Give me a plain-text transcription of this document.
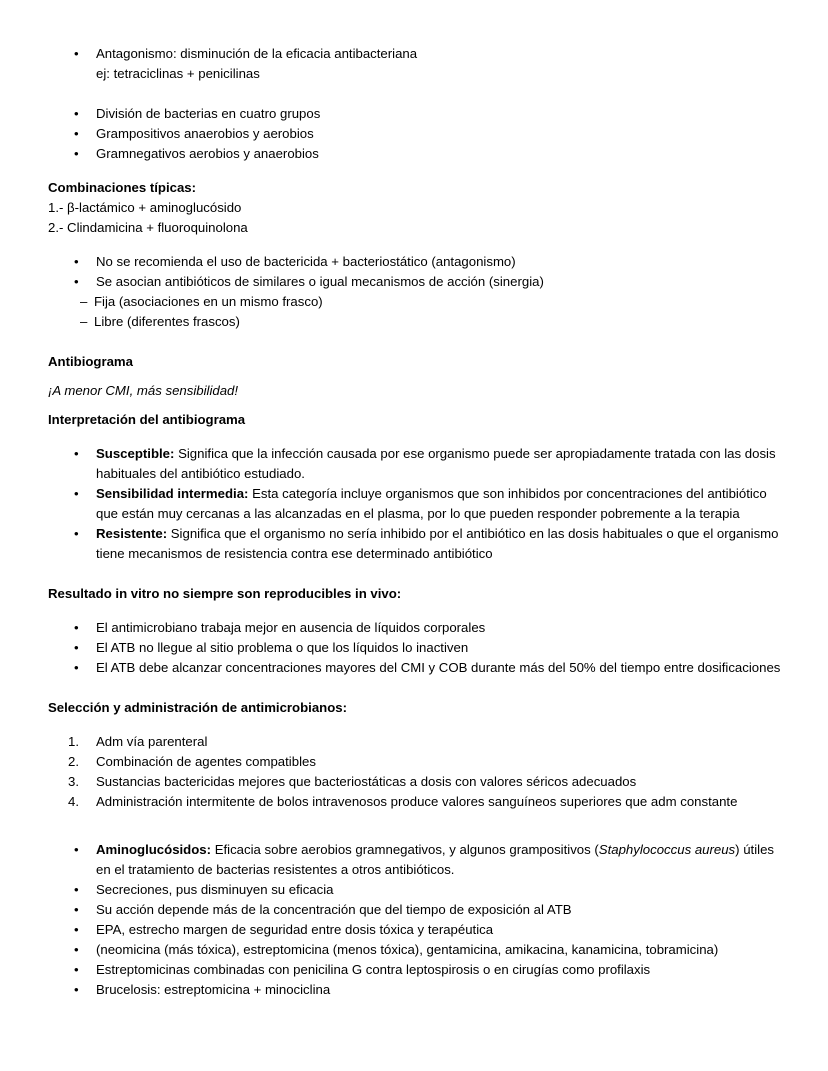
• Antagonismo: disminución de la eficacia antibacteriana
ej: tetraciclinas + penicilinas
• División de bacterias en cuatro grupos
• Grampositivos anaerobios y aerobios
• Gramnegativos aerobios y anaerobios

Combinaciones típicas:

1.- β-lactámico + aminoglucósido

2.- Clindamicina + fluoroquinolona

• No se recomienda el uso de bactericida + bacteriostático (antagonismo)
• Se asocian antibióticos de similares o igual mecanismos de acción (sinergia)
– Fija (asociaciones en un mismo frasco)
– Libre (diferentes frascos)

Antibiograma

¡A menor CMI, más sensibilidad!

Interpretación del antibiograma

• Susceptible: Significa que la infección causada por ese organismo puede ser apropiadamente tratada con las dosis habituales del antibiótico estudiado.
• Sensibilidad intermedia: Esta categoría incluye organismos que son inhibidos por concentraciones del antibiótico que están muy cercanas a las alcanzadas en el plasma, por lo que pueden responder pobremente a la terapia
• Resistente: Significa que el organismo no sería inhibido por el antibiótico en las dosis habituales o que el organismo tiene mecanismos de resistencia contra ese determinado antibiótico

Resultado in vitro no siempre son reproducibles in vivo:

• El antimicrobiano trabaja mejor en ausencia de líquidos corporales
• El ATB no llegue al sitio problema o que los líquidos lo inactiven
• El ATB debe alcanzar concentraciones mayores del CMI y COB durante más del 50% del tiempo entre dosificaciones

Selección y administración de antimicrobianos:

1.	Adm vía parenteral
2.	Combinación de agentes compatibles
3.	Sustancias bactericidas mejores que bacteriostáticas a dosis con valores séricos adecuados
4.	Administración intermitente de bolos intravenosos produce valores sanguíneos superiores que adm constante
• Aminoglucósidos: Eficacia sobre aerobios gramnegativos, y algunos grampositivos (Staphylococcus aureus) útiles en el tratamiento de bacterias resistentes a otros antibióticos.
• Secreciones, pus disminuyen su eficacia
• Su acción depende más de la concentración que del tiempo de exposición al ATB
• EPA, estrecho margen de seguridad entre dosis tóxica y terapéutica
• (neomicina (más tóxica), estreptomicina (menos tóxica), gentamicina, amikacina, kanamicina, tobramicina)
• Estreptomicinas combinadas con penicilina G contra leptospirosis o en cirugías como profilaxis
• Brucelosis: estreptomicina + minociclina
